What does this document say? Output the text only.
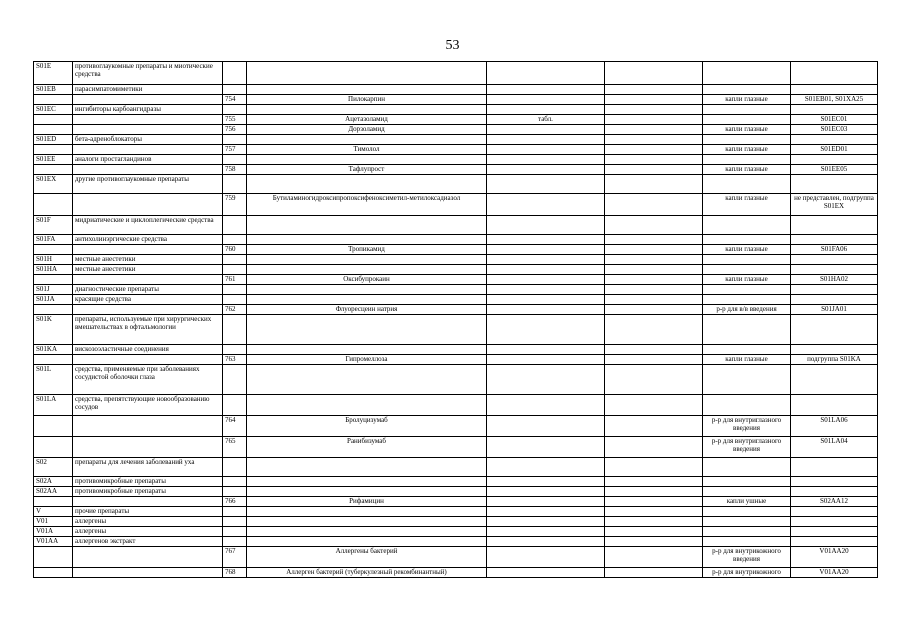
53
S01E	противоглаукомные препараты и миотические средства						
S01EB	парасимпатомиметики						
		754	Пилокарпин			капли глазные	S01EB01, S01XA25
S01EC	ингибиторы карбоангидразы						
		755	Ацетазоламид	табл.			S01EC01
		756	Дорзоламид			капли глазные	S01EC03
S01ED	бета-адреноблокаторы						
		757	Тимолол			капли глазные	S01ED01
S01EE	аналоги простагландинов						
		758	Тафлупрост			капли глазные	S01EE05
S01EX	другие противоглаукомные препараты						
		759	Бутиламиногидроксипропоксифеноксиметил-метилоксадиазол			капли глазные	не представлен, подгруппа S01EX
S01F	мидриатические и циклоплегические средства						
S01FA	антихолинэргические средства						
		760	Тропикамид			капли глазные	S01FA06
S01H	местные анестетики						
S01HA	местные анестетики						
		761	Оксибупрокаин			капли глазные	S01HA02
S01J	диагностические препараты						
S01JA	красящие средства						
		762	Флуоресцеин натрия			р-р для в/в введения	S01JA01
S01K	препараты, используемые при хирургических вмешательствах в офтальмологии						
S01KA	вискозоэластичные соединения						
		763	Гипромеллоза			капли глазные	подгруппа S01KA
S01L	средства, применяемые при заболеваниях сосудистой оболочки глаза						
S01LA	средства, препятствующие новообразованию сосудов						
		764	Бролуцизумаб			р-р для внутриглазного введения	S01LA06
		765	Ранибизумаб			р-р для внутриглазного введения	S01LA04
S02	препараты для лечения заболеваний уха						
S02A	противомикробные препараты						
S02AA	противомикробные препараты						
		766	Рифамицин			капли ушные	S02AA12
V	прочие препараты						
V01	аллергены						
V01A	аллергены						
V01AA	аллергенов экстракт						
		767	Аллергены бактерий			р-р для внутрикожного введения	V01AA20
		768	Аллерген бактерий (туберкулезный рекомбинантный)			р-р для внутрикожного	V01AA20
